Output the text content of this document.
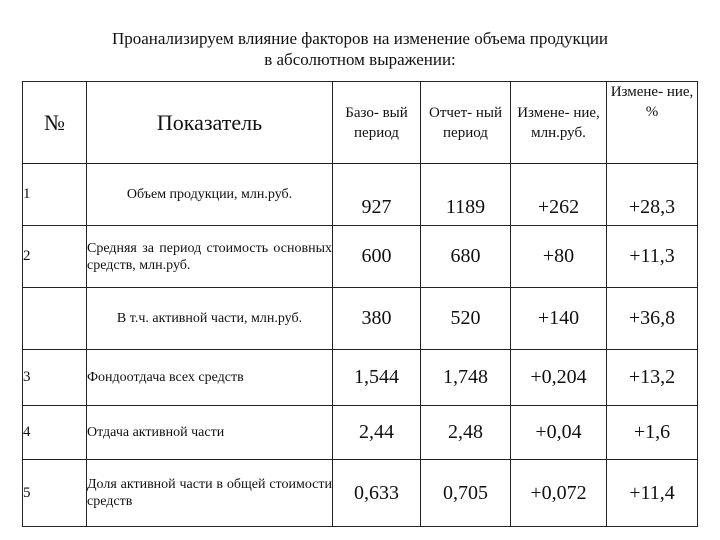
Проанализируем влияние факторов на изменение объема продукции
в абсолютном выражении:
№	Показатель	Базо- вый период	Отчет- ный период	Измене- ние, млн.руб.	Измене- ние, %
1	Объем продукции, млн.руб.	927	1189	+262	+28,3
2	Средняя за период стоимость основных средств, млн.руб.	600	680	+80	+11,3
	В т.ч. активной части, млн.руб.	380	520	+140	+36,8
3	Фондоотдача всех средств	1,544	1,748	+0,204	+13,2
4	Отдача активной части	2,44	2,48	+0,04	+1,6
5	Доля активной части в общей стоимости средств	0,633	0,705	+0,072	+11,4
